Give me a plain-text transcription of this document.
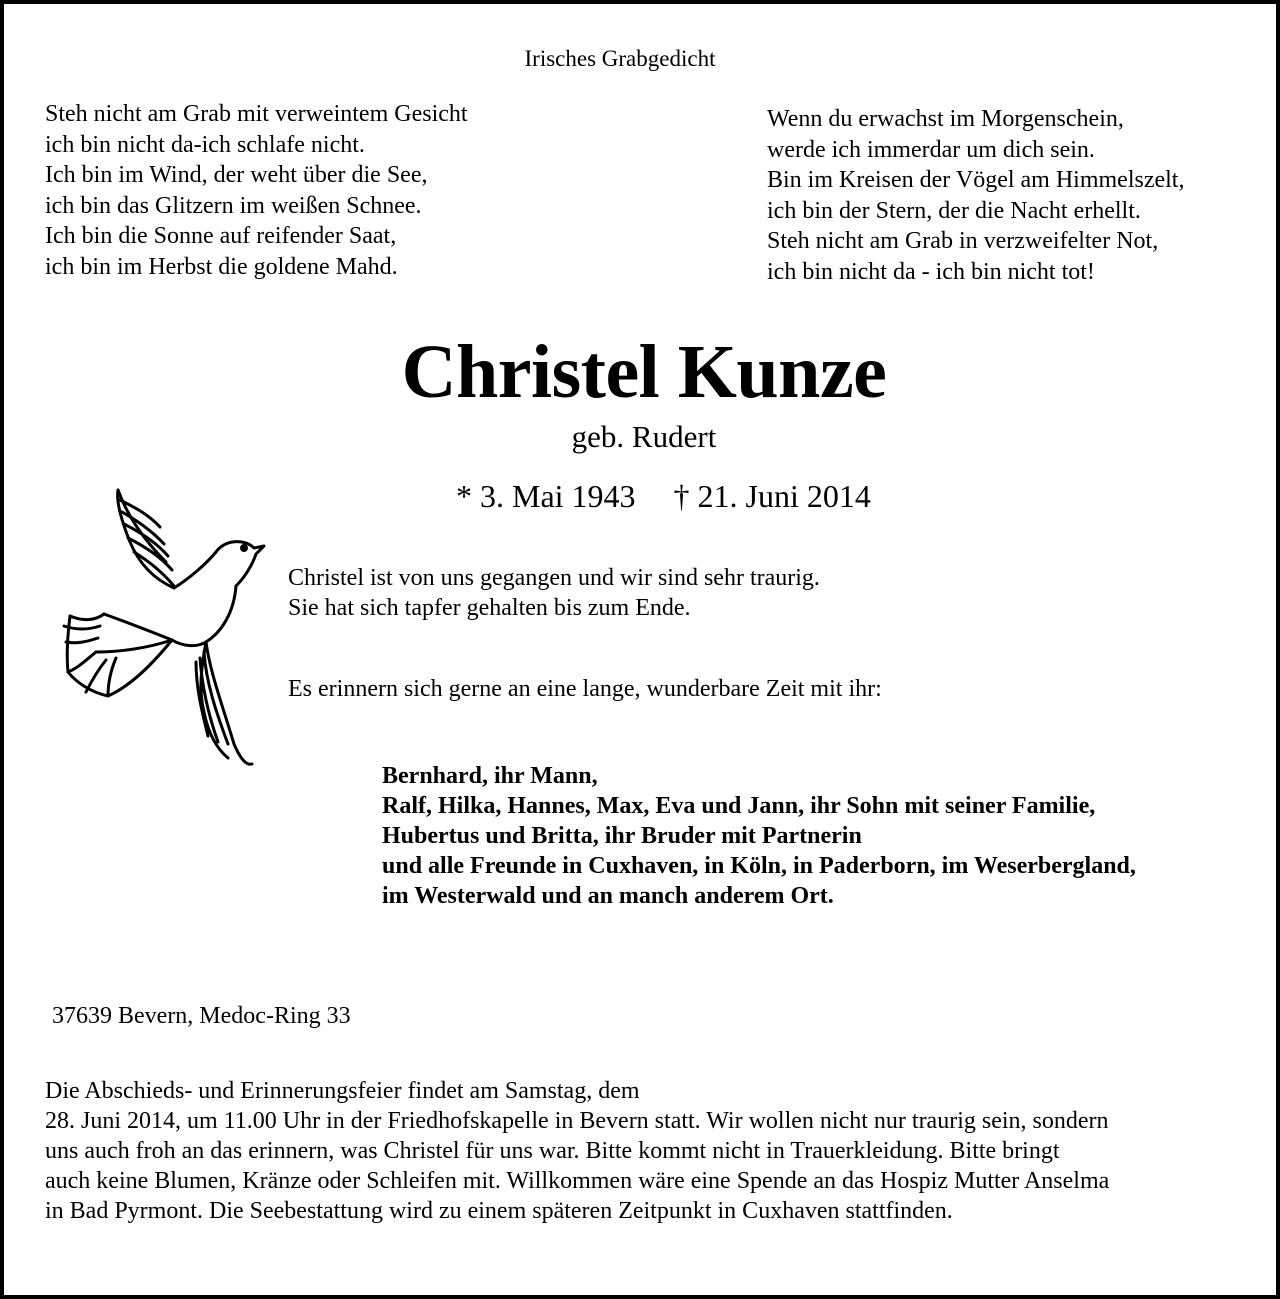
Irisches Grabgedicht
Steh nicht am Grab mit verweintem Gesicht
ich bin nicht da-ich schlafe nicht.
Ich bin im Wind, der weht über die See,
ich bin das Glitzern im weißen Schnee.
Ich bin die Sonne auf reifender Saat,
ich bin im Herbst die goldene Mahd.
Wenn du erwachst im Morgenschein,
werde ich immerdar um dich sein.
Bin im Kreisen der Vögel am Himmelszelt,
ich bin der Stern, der die Nacht erhellt.
Steh nicht am Grab in verzweifelter Not,
ich bin nicht da - ich bin nicht tot!
Christel Kunze
geb. Rudert
* 3. Mai 1943 † 21. Juni 2014
Christel ist von uns gegangen und wir sind sehr traurig.
Sie hat sich tapfer gehalten bis zum Ende.
Es erinnern sich gerne an eine lange, wunderbare Zeit mit ihr:
Bernhard, ihr Mann,
Ralf, Hilka, Hannes, Max, Eva und Jann, ihr Sohn mit seiner Familie,
Hubertus und Britta, ihr Bruder mit Partnerin
und alle Freunde in Cuxhaven, in Köln, in Paderborn, im Weserbergland,
im Westerwald und an manch anderem Ort.
37639 Bevern, Medoc-Ring 33
Die Abschieds- und Erinnerungsfeier findet am Samstag, dem
28. Juni 2014, um 11.00 Uhr in der Friedhofskapelle in Bevern statt. Wir wollen nicht nur traurig sein, sondern
uns auch froh an das erinnern, was Christel für uns war. Bitte kommt nicht in Trauerkleidung. Bitte bringt
auch keine Blumen, Kränze oder Schleifen mit. Willkommen wäre eine Spende an das Hospiz Mutter Anselma
in Bad Pyrmont. Die Seebestattung wird zu einem späteren Zeitpunkt in Cuxhaven stattfinden.
